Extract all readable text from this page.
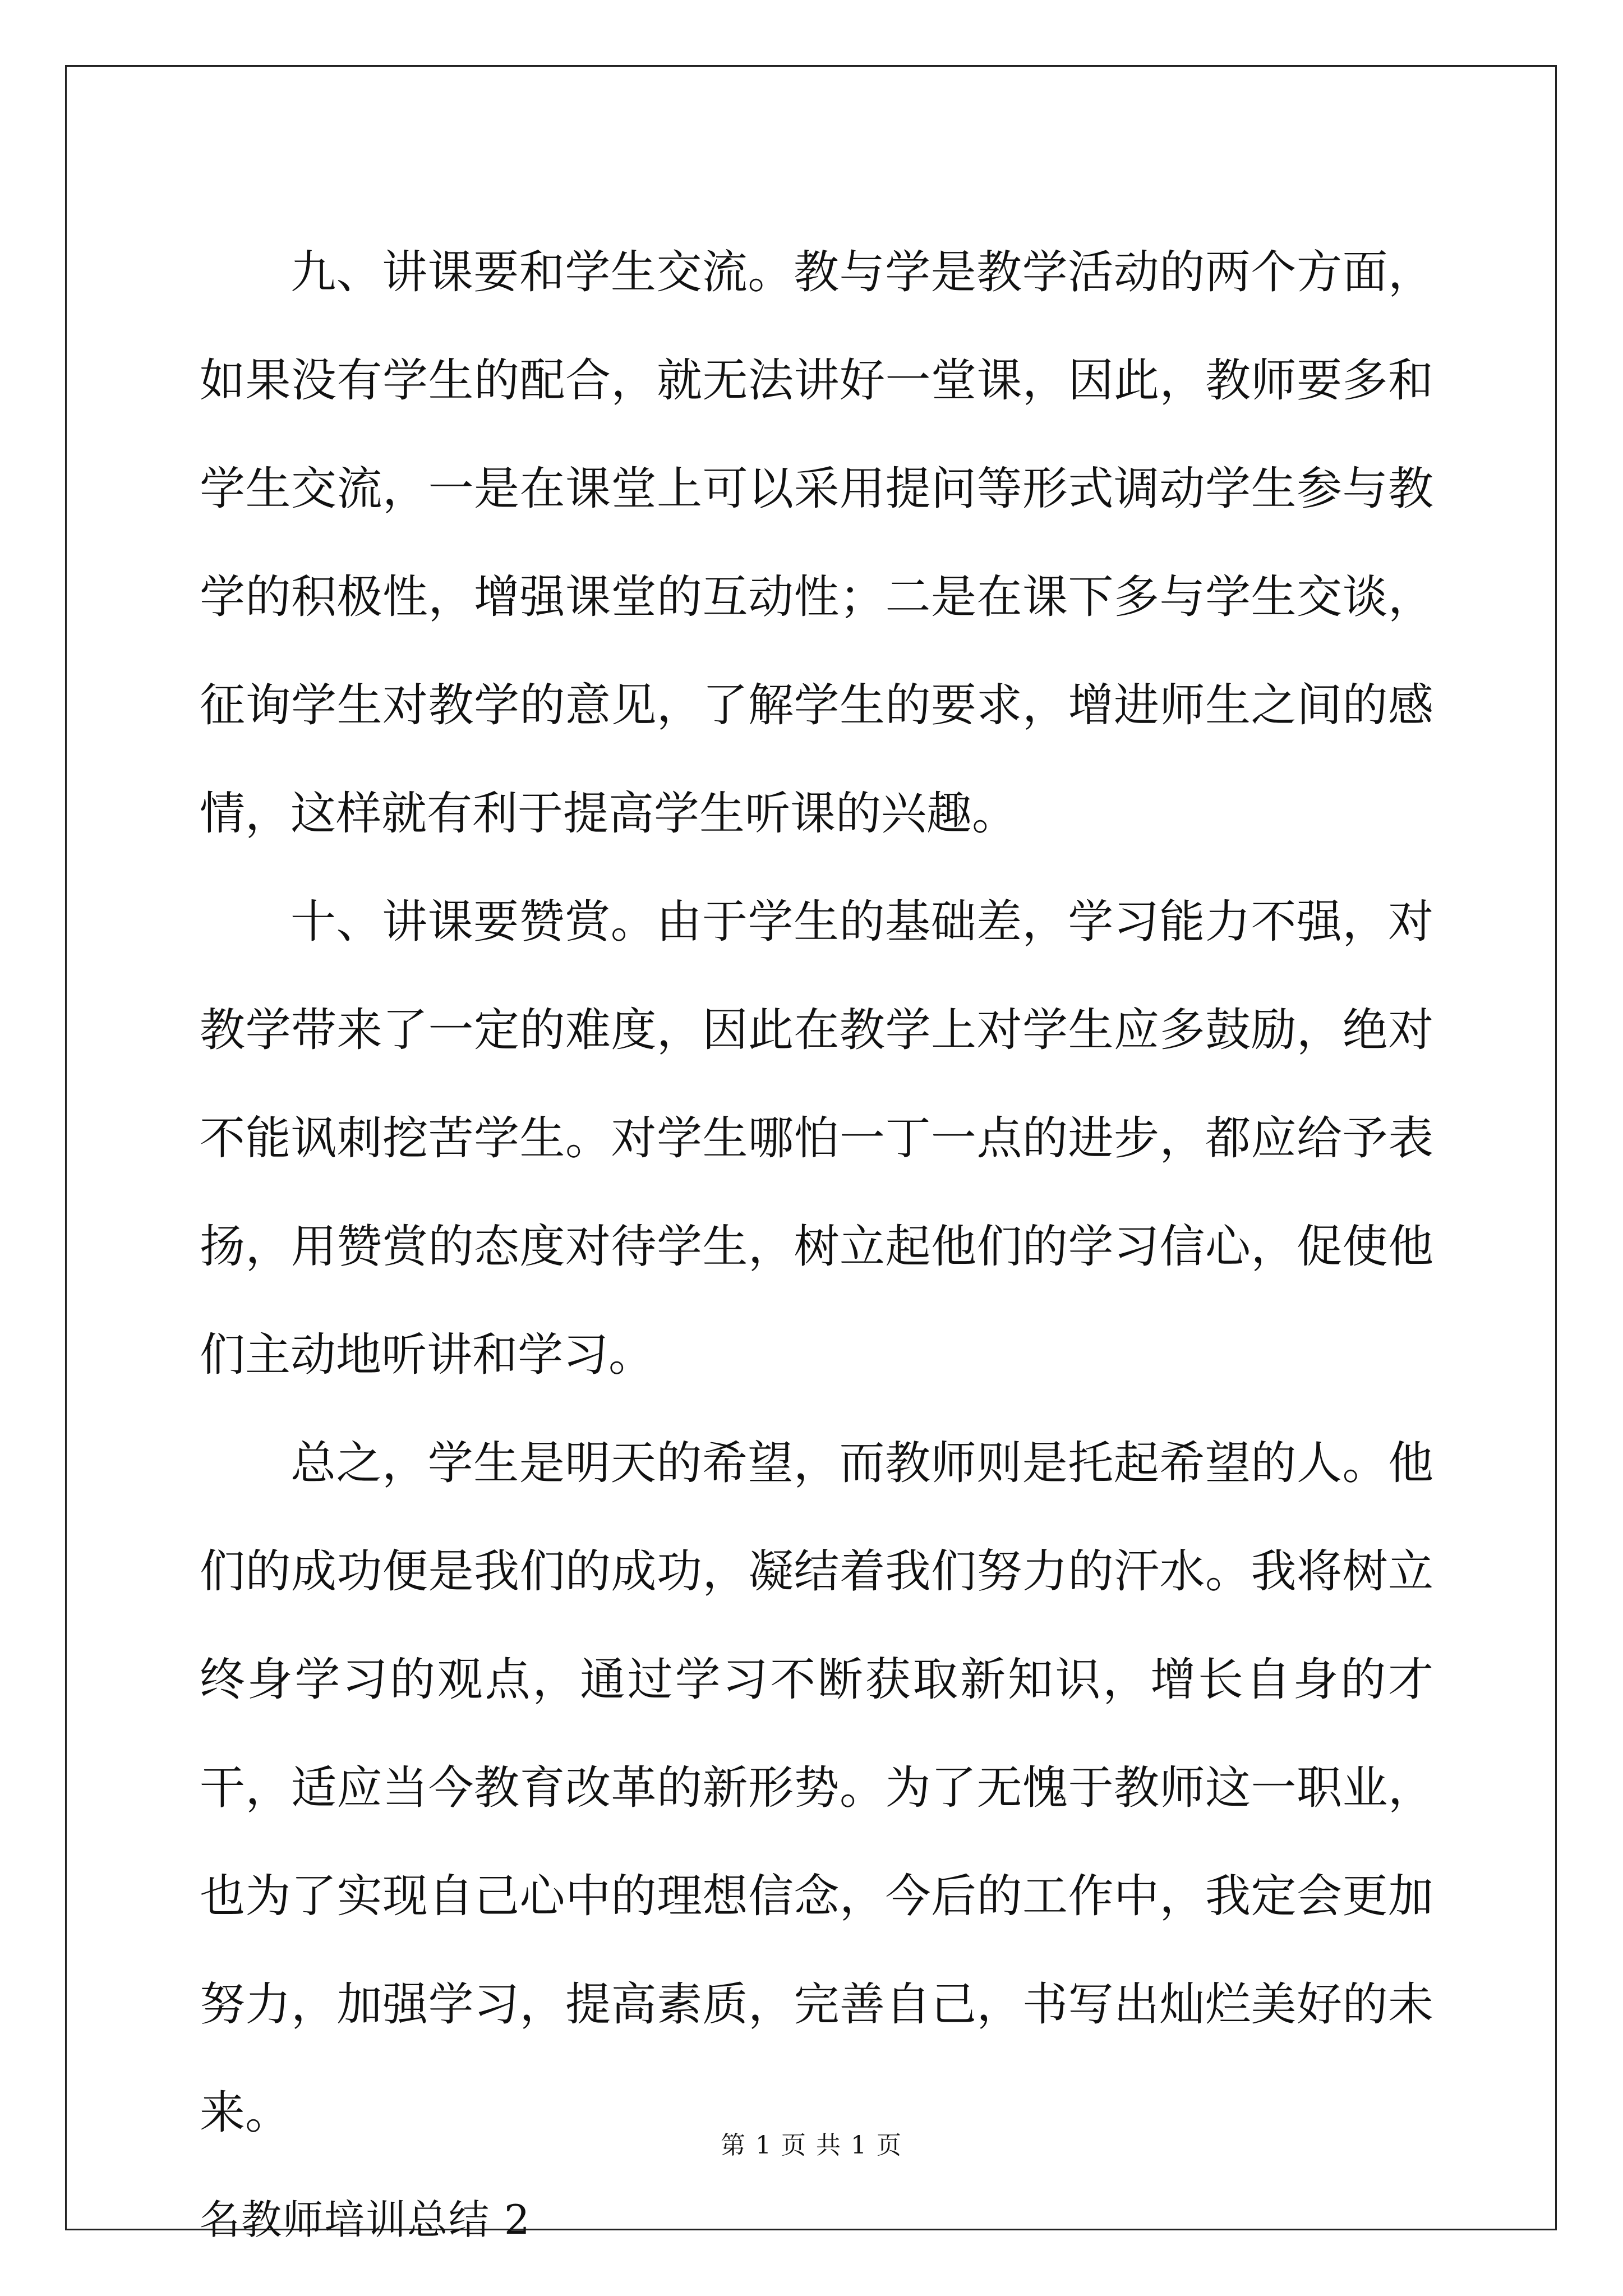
九、讲课要和学生交流。教与学是教学活动的两个方面，如果没有学生的配合，就无法讲好一堂课，因此，教师要多和学生交流，一是在课堂上可以采用提问等形式调动学生参与教学的积极性，增强课堂的互动性；二是在课下多与学生交谈，征询学生对教学的意见，了解学生的要求，增进师生之间的感情，这样就有利于提高学生听课的兴趣。

十、讲课要赞赏。由于学生的基础差，学习能力不强，对教学带来了一定的难度，因此在教学上对学生应多鼓励，绝对不能讽刺挖苦学生。对学生哪怕一丁一点的进步，都应给予表扬，用赞赏的态度对待学生，树立起他们的学习信心，促使他们主动地听讲和学习。

总之，学生是明天的希望，而教师则是托起希望的人。他们的成功便是我们的成功，凝结着我们努力的汗水。我将树立终身学习的观点，通过学习不断获取新知识，增长自身的才干，适应当今教育改革的新形势。为了无愧于教师这一职业，也为了实现自己心中的理想信念，今后的工作中，我定会更加努力，加强学习，提高素质，完善自己，书写出灿烂美好的未来。

名教师培训总结 2

第 1 页 共 1 页
